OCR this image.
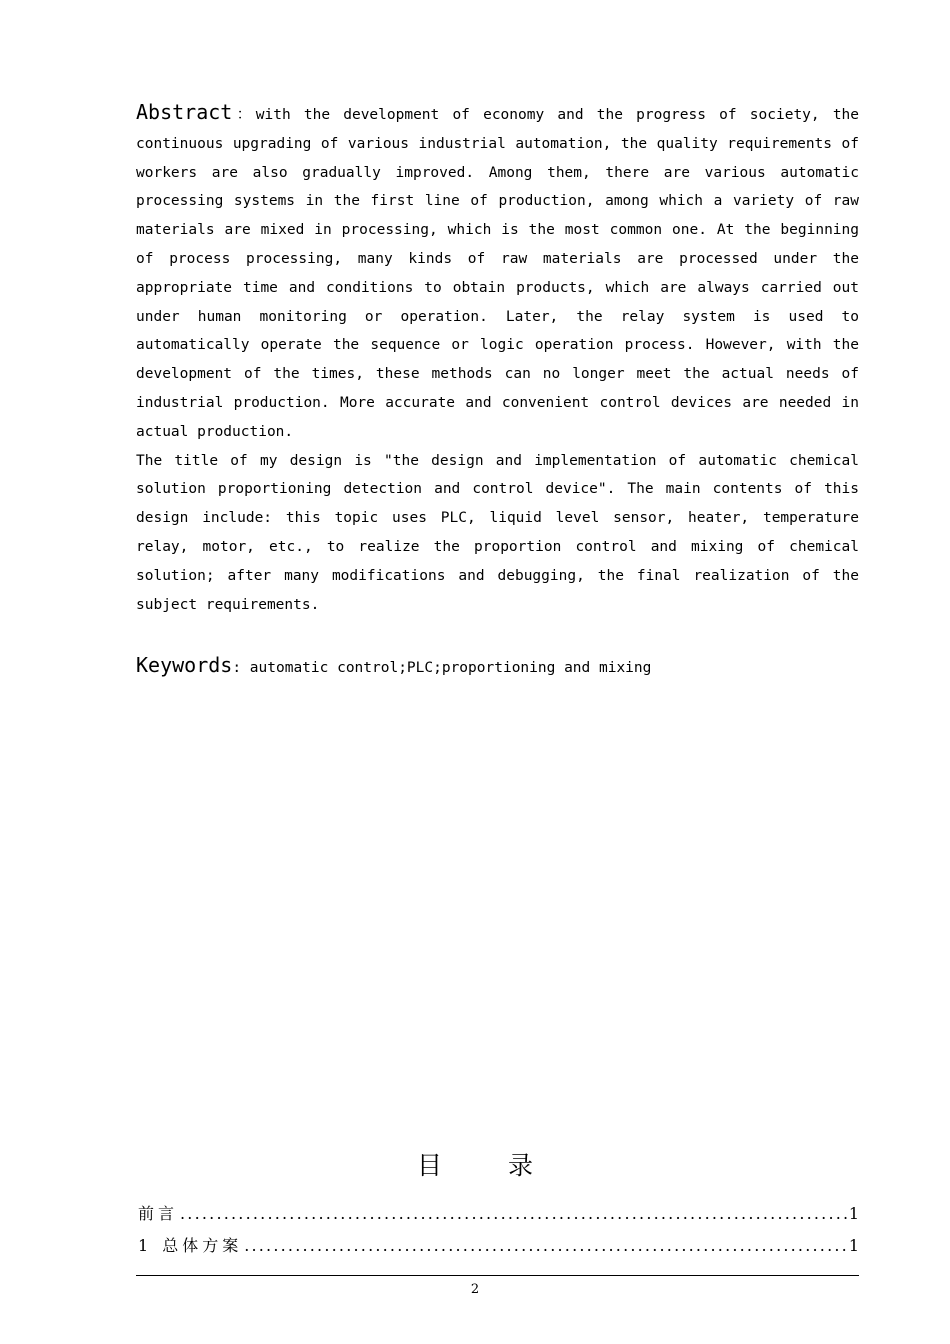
Abstract：with the development of economy and the progress of society, the continuous upgrading of various industrial automation, the quality requirements of workers are also gradually improved. Among them, there are various automatic processing systems in the first line of production, among which a variety of raw materials are mixed in processing, which is the most common one. At the beginning of process processing, many kinds of raw materials are processed under the appropriate time and conditions to obtain products, which are always carried out under human monitoring or operation. Later, the relay system is used to automatically operate the sequence or logic operation process. However, with the development of the times, these methods can no longer meet the actual needs of industrial production. More accurate and convenient control devices are needed in actual production.

The title of my design is "the design and implementation of automatic chemical solution proportioning detection and control device". The main contents of this design include: this topic uses PLC, liquid level sensor, heater, temperature relay, motor, etc., to realize the proportion control and mixing of chemical solution; after many modifications and debugging, the final realization of the subject requirements.

Keywords: automatic control;PLC;proportioning and mixing
目录
前言 .....	1
1 总体方案 .....	1
2
